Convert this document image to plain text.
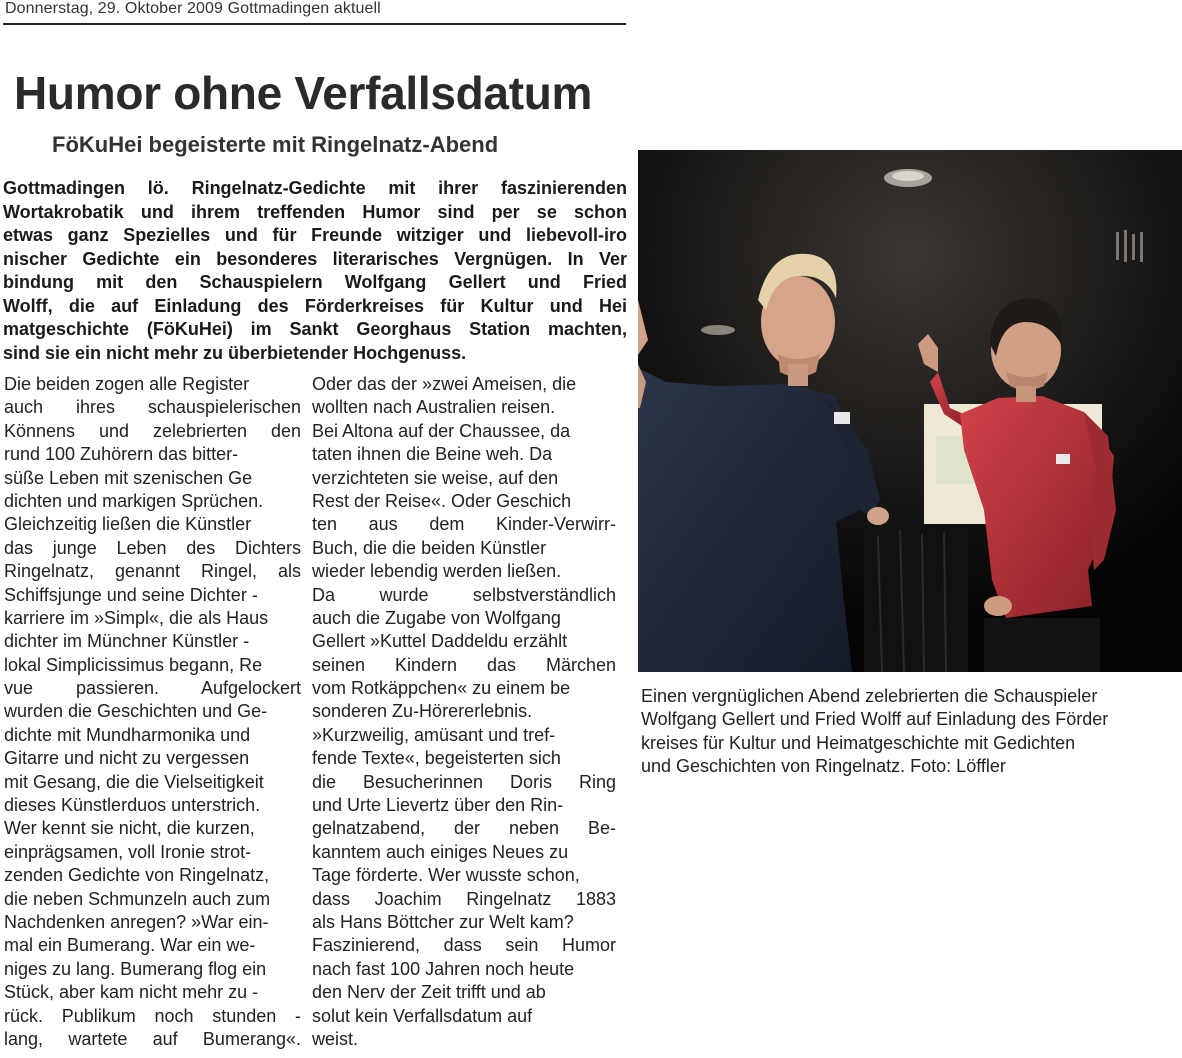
Donnerstag, 29. Oktober 2009 Gottmadingen aktuell
Humor ohne Verfallsdatum
FöKuHei begeisterte mit Ringelnatz-Abend
Gottmadingen lö. Ringelnatz-Gedichte mit ihrer faszinierenden
Wortakrobatik und ihrem treffenden Humor sind per se schon
etwas ganz Spezielles und für Freunde witziger und liebevoll-iro
nischer Gedichte ein besonderes literarisches Vergnügen. In Ver
bindung mit den Schauspielern Wolfgang Gellert und Fried
Wolff, die auf Einladung des Förderkreises für Kultur und Hei
matgeschichte (FöKuHei) im Sankt Georghaus Station machten,
sind sie ein nicht mehr zu überbietender Hochgenuss.
Die beiden zogen alle Register
auch ihres schauspielerischen
Könnens und zelebrierten den
rund 100 Zuhörern das bitter-
süße Leben mit szenischen Ge
dichten und markigen Sprüchen.
Gleichzeitig ließen die Künstler
das junge Leben des Dichters
Ringelnatz, genannt Ringel, als
Schiffsjunge und seine Dichter -
karriere im »Simpl«, die als Haus
dichter im Münchner Künstler -
lokal Simplicissimus begann, Re
vue passieren. Aufgelockert
wurden die Geschichten und Ge-
dichte mit Mundharmonika und
Gitarre und nicht zu vergessen
mit Gesang, die die Vielseitigkeit
dieses Künstlerduos unterstrich.
Wer kennt sie nicht, die kurzen,
einprägsamen, voll Ironie strot-
zenden Gedichte von Ringelnatz,
die neben Schmunzeln auch zum
Nachdenken anregen? »War ein-
mal ein Bumerang. War ein we-
niges zu lang. Bumerang flog ein
Stück, aber kam nicht mehr zu -
rück. Publikum noch stunden -
lang, wartete auf Bumerang«.
Oder das der »zwei Ameisen, die
wollten nach Australien reisen.
Bei Altona auf der Chaussee, da
taten ihnen die Beine weh. Da
verzichteten sie weise, auf den
Rest der Reise«. Oder Geschich
ten aus dem Kinder-Verwirr-
Buch, die die beiden Künstler
wieder lebendig werden ließen.
Da wurde selbstverständlich
auch die Zugabe von Wolfgang
Gellert »Kuttel Daddeldu erzählt
seinen Kindern das Märchen
vom Rotkäppchen« zu einem be
sonderen Zu-Hörererlebnis.
»Kurzweilig, amüsant und tref-
fende Texte«, begeisterten sich
die Besucherinnen Doris Ring
und Urte Lievertz über den Rin-
gelnatzabend, der neben Be-
kanntem auch einiges Neues zu
Tage förderte. Wer wusste schon,
dass Joachim Ringelnatz 1883
als Hans Böttcher zur Welt kam?
Faszinierend, dass sein Humor
nach fast 100 Jahren noch heute
den Nerv der Zeit trifft und ab
solut kein Verfallsdatum auf
weist.
Einen vergnüglichen Abend zelebrierten die Schauspieler
Wolfgang Gellert und Fried Wolff auf Einladung des Förder
kreises für Kultur und Heimatgeschichte mit Gedichten
und Geschichten von Ringelnatz. Foto: Löffler
